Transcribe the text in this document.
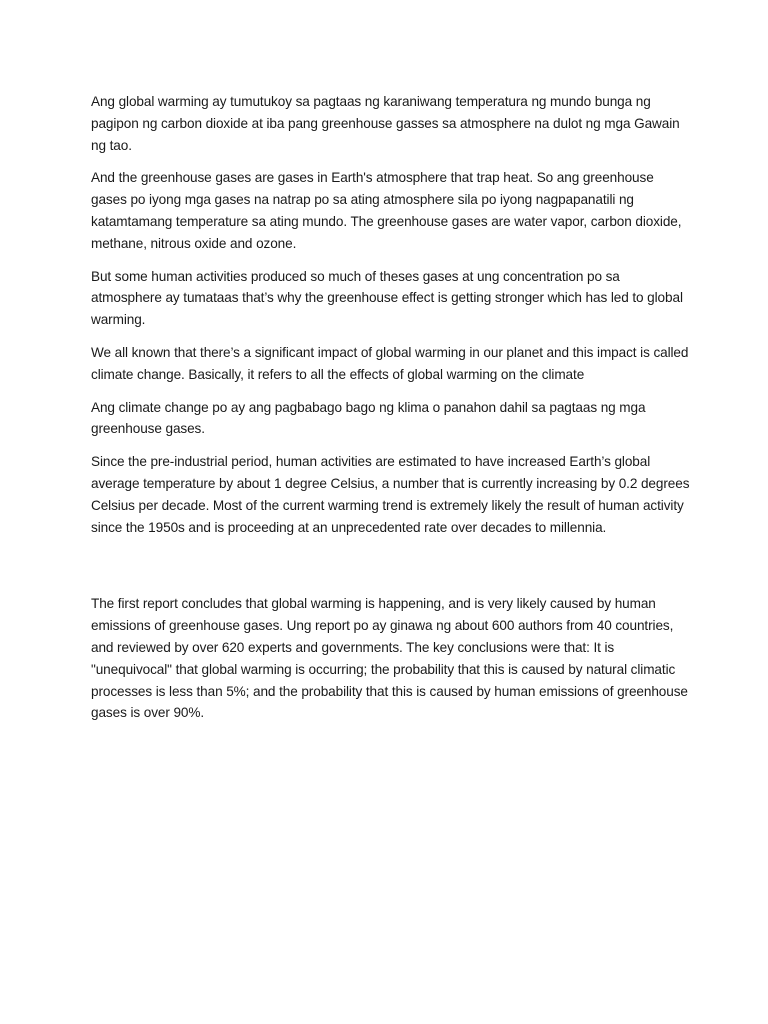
Ang global warming ay tumutukoy sa pagtaas ng karaniwang temperatura ng mundo bunga ng pagipon ng carbon dioxide at iba pang greenhouse gasses sa atmosphere na dulot ng mga Gawain ng tao.

And the greenhouse gases are gases in Earth's atmosphere that trap heat. So ang greenhouse gases po iyong mga gases na natrap po sa ating atmosphere sila po iyong nagpapanatili ng katamtamang temperature sa ating mundo. The greenhouse gases are water vapor, carbon dioxide, methane, nitrous oxide and ozone.

But some human activities produced so much of theses gases at ung concentration po sa atmosphere ay tumataas that’s why the greenhouse effect is getting stronger which has led to global warming.

We all known that there’s a significant impact of global warming in our planet and this impact is called climate change. Basically, it refers to all the effects of global warming on the climate

Ang climate change po ay ang pagbabago bago ng klima o panahon dahil sa pagtaas ng mga greenhouse gases.

Since the pre-industrial period, human activities are estimated to have increased Earth’s global average temperature by about 1 degree Celsius, a number that is currently increasing by 0.2 degrees Celsius per decade. Most of the current warming trend is extremely likely the result of human activity since the 1950s and is proceeding at an unprecedented rate over decades to millennia.

The first report concludes that global warming is happening, and is very likely caused by human emissions of greenhouse gases. Ung report po ay ginawa ng about 600 authors from 40 countries, and reviewed by over 620 experts and governments. The key conclusions were that: It is "unequivocal" that global warming is occurring; the probability that this is caused by natural climatic processes is less than 5%; and the probability that this is caused by human emissions of greenhouse gases is over 90%.
